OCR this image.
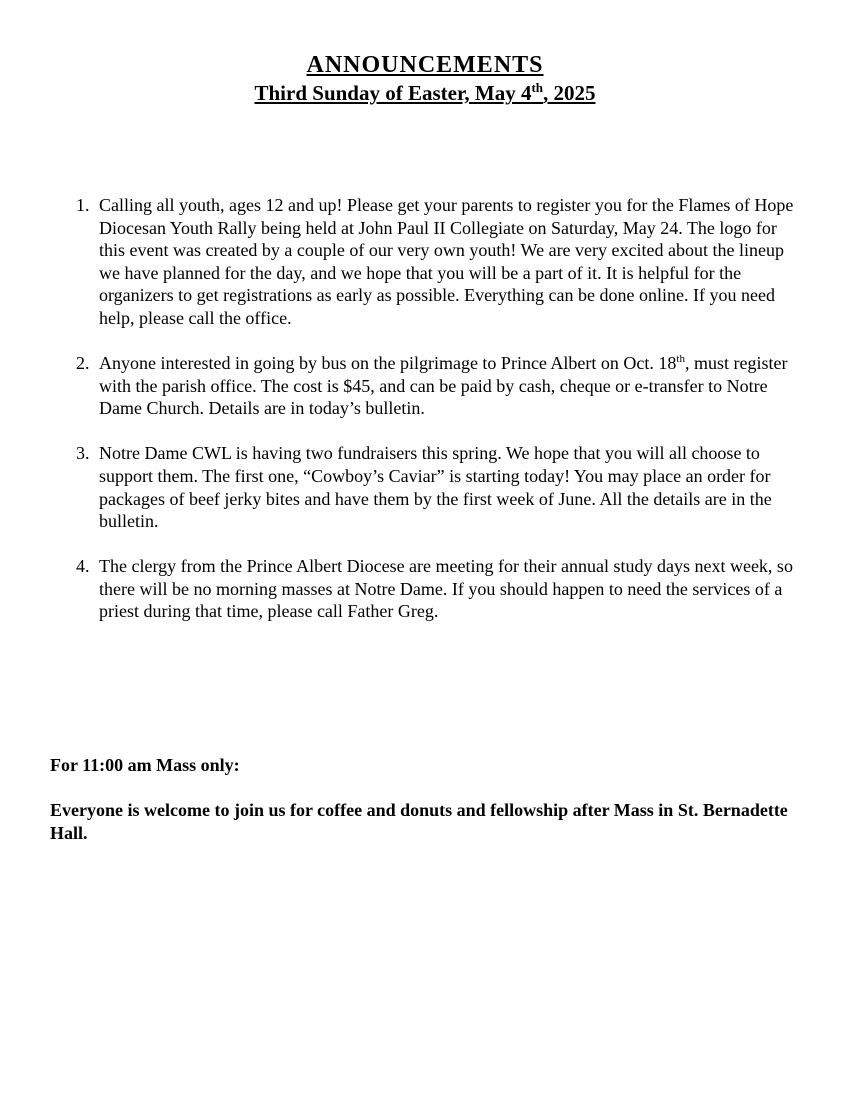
ANNOUNCEMENTS
Third Sunday of Easter, May 4th, 2025
1. Calling all youth, ages 12 and up! Please get your parents to register you for the Flames of Hope Diocesan Youth Rally being held at John Paul II Collegiate on Saturday, May 24. The logo for this event was created by a couple of our very own youth! We are very excited about the lineup we have planned for the day, and we hope that you will be a part of it. It is helpful for the organizers to get registrations as early as possible. Everything can be done online. If you need help, please call the office.
2. Anyone interested in going by bus on the pilgrimage to Prince Albert on Oct. 18th, must register with the parish office. The cost is $45, and can be paid by cash, cheque or e-transfer to Notre Dame Church. Details are in today’s bulletin.
3. Notre Dame CWL is having two fundraisers this spring. We hope that you will all choose to support them. The first one, “Cowboy’s Caviar” is starting today! You may place an order for packages of beef jerky bites and have them by the first week of June. All the details are in the bulletin.
4. The clergy from the Prince Albert Diocese are meeting for their annual study days next week, so there will be no morning masses at Notre Dame. If you should happen to need the services of a priest during that time, please call Father Greg.

For 11:00 am Mass only:

Everyone is welcome to join us for coffee and donuts and fellowship after Mass in St. Bernadette Hall.
